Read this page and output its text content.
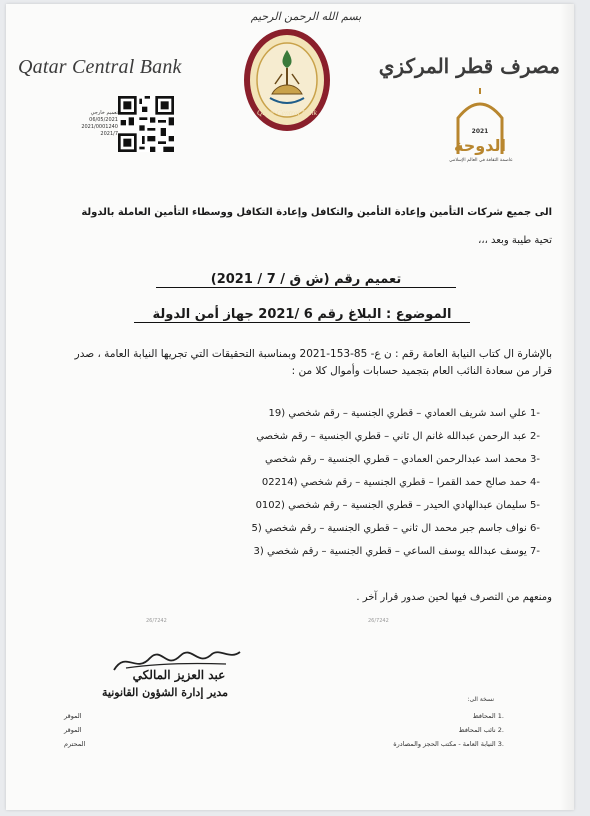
بسم الله الرحمن الرحيم
Qatar Central Bank	مصرف قطر المركزي
Qatar Central Bank
تعميم خارجي
06/05/2021
2021/0001240
2021/7	2021
الدوحة
عاصمة الثقافة في العالم الإسلامي
الى جميع شركات التأمين وإعادة التأمين والتكافل وإعادة التكافل ووسطاء التأمين العاملة بالدولة
تحية طيبة وبعد ،،،
تعميم رقم (ش ق / 7 / 2021)
الموضوع : البلاغ رقم 6 /2021 جهاز أمن الدولة
بالإشارة ال كتاب النيابة العامة رقم : ن ع- 85-153-2021 وبمناسبة التحقيقات التي تجريها النيابة العامة ، صدر قرار من سعادة النائب العام بتجميد حسابات وأموال كلا من :
-1 علي أسد شريف العمادي – قطري الجنسية – رقم شخصي (19
-2 عبد الرحمن عبدالله غانم ال ثاني – قطري الجنسية – رقم شخصي
-3 محمد أسد عبدالرحمن العمادي – قطري الجنسية – رقم شخصي
-4 حمد صالح حمد القمرا – قطري الجنسية – رقم شخصي (02214
-5 سليمان عبدالهادي الحيدر – قطري الجنسية – رقم شخصي (0102
-6 نواف جاسم جبر محمد ال ثاني – قطري الجنسية – رقم شخصي (5
-7 يوسف عبدالله يوسف الساعي – قطري الجنسية – رقم شخصي (3
26/7242	26/7242
ومنعهم من التصرف فيها لحين صدور قرار آخر .
عبد العزيز المالكي
مدير إدارة الشؤون القانونية
نسخة الى:
.1 المحافظ
الموقر
.2 نائب المحافظ
الموقر
.3 النيابة العامة - مكتب الحجز والمصادرة
المحترم
